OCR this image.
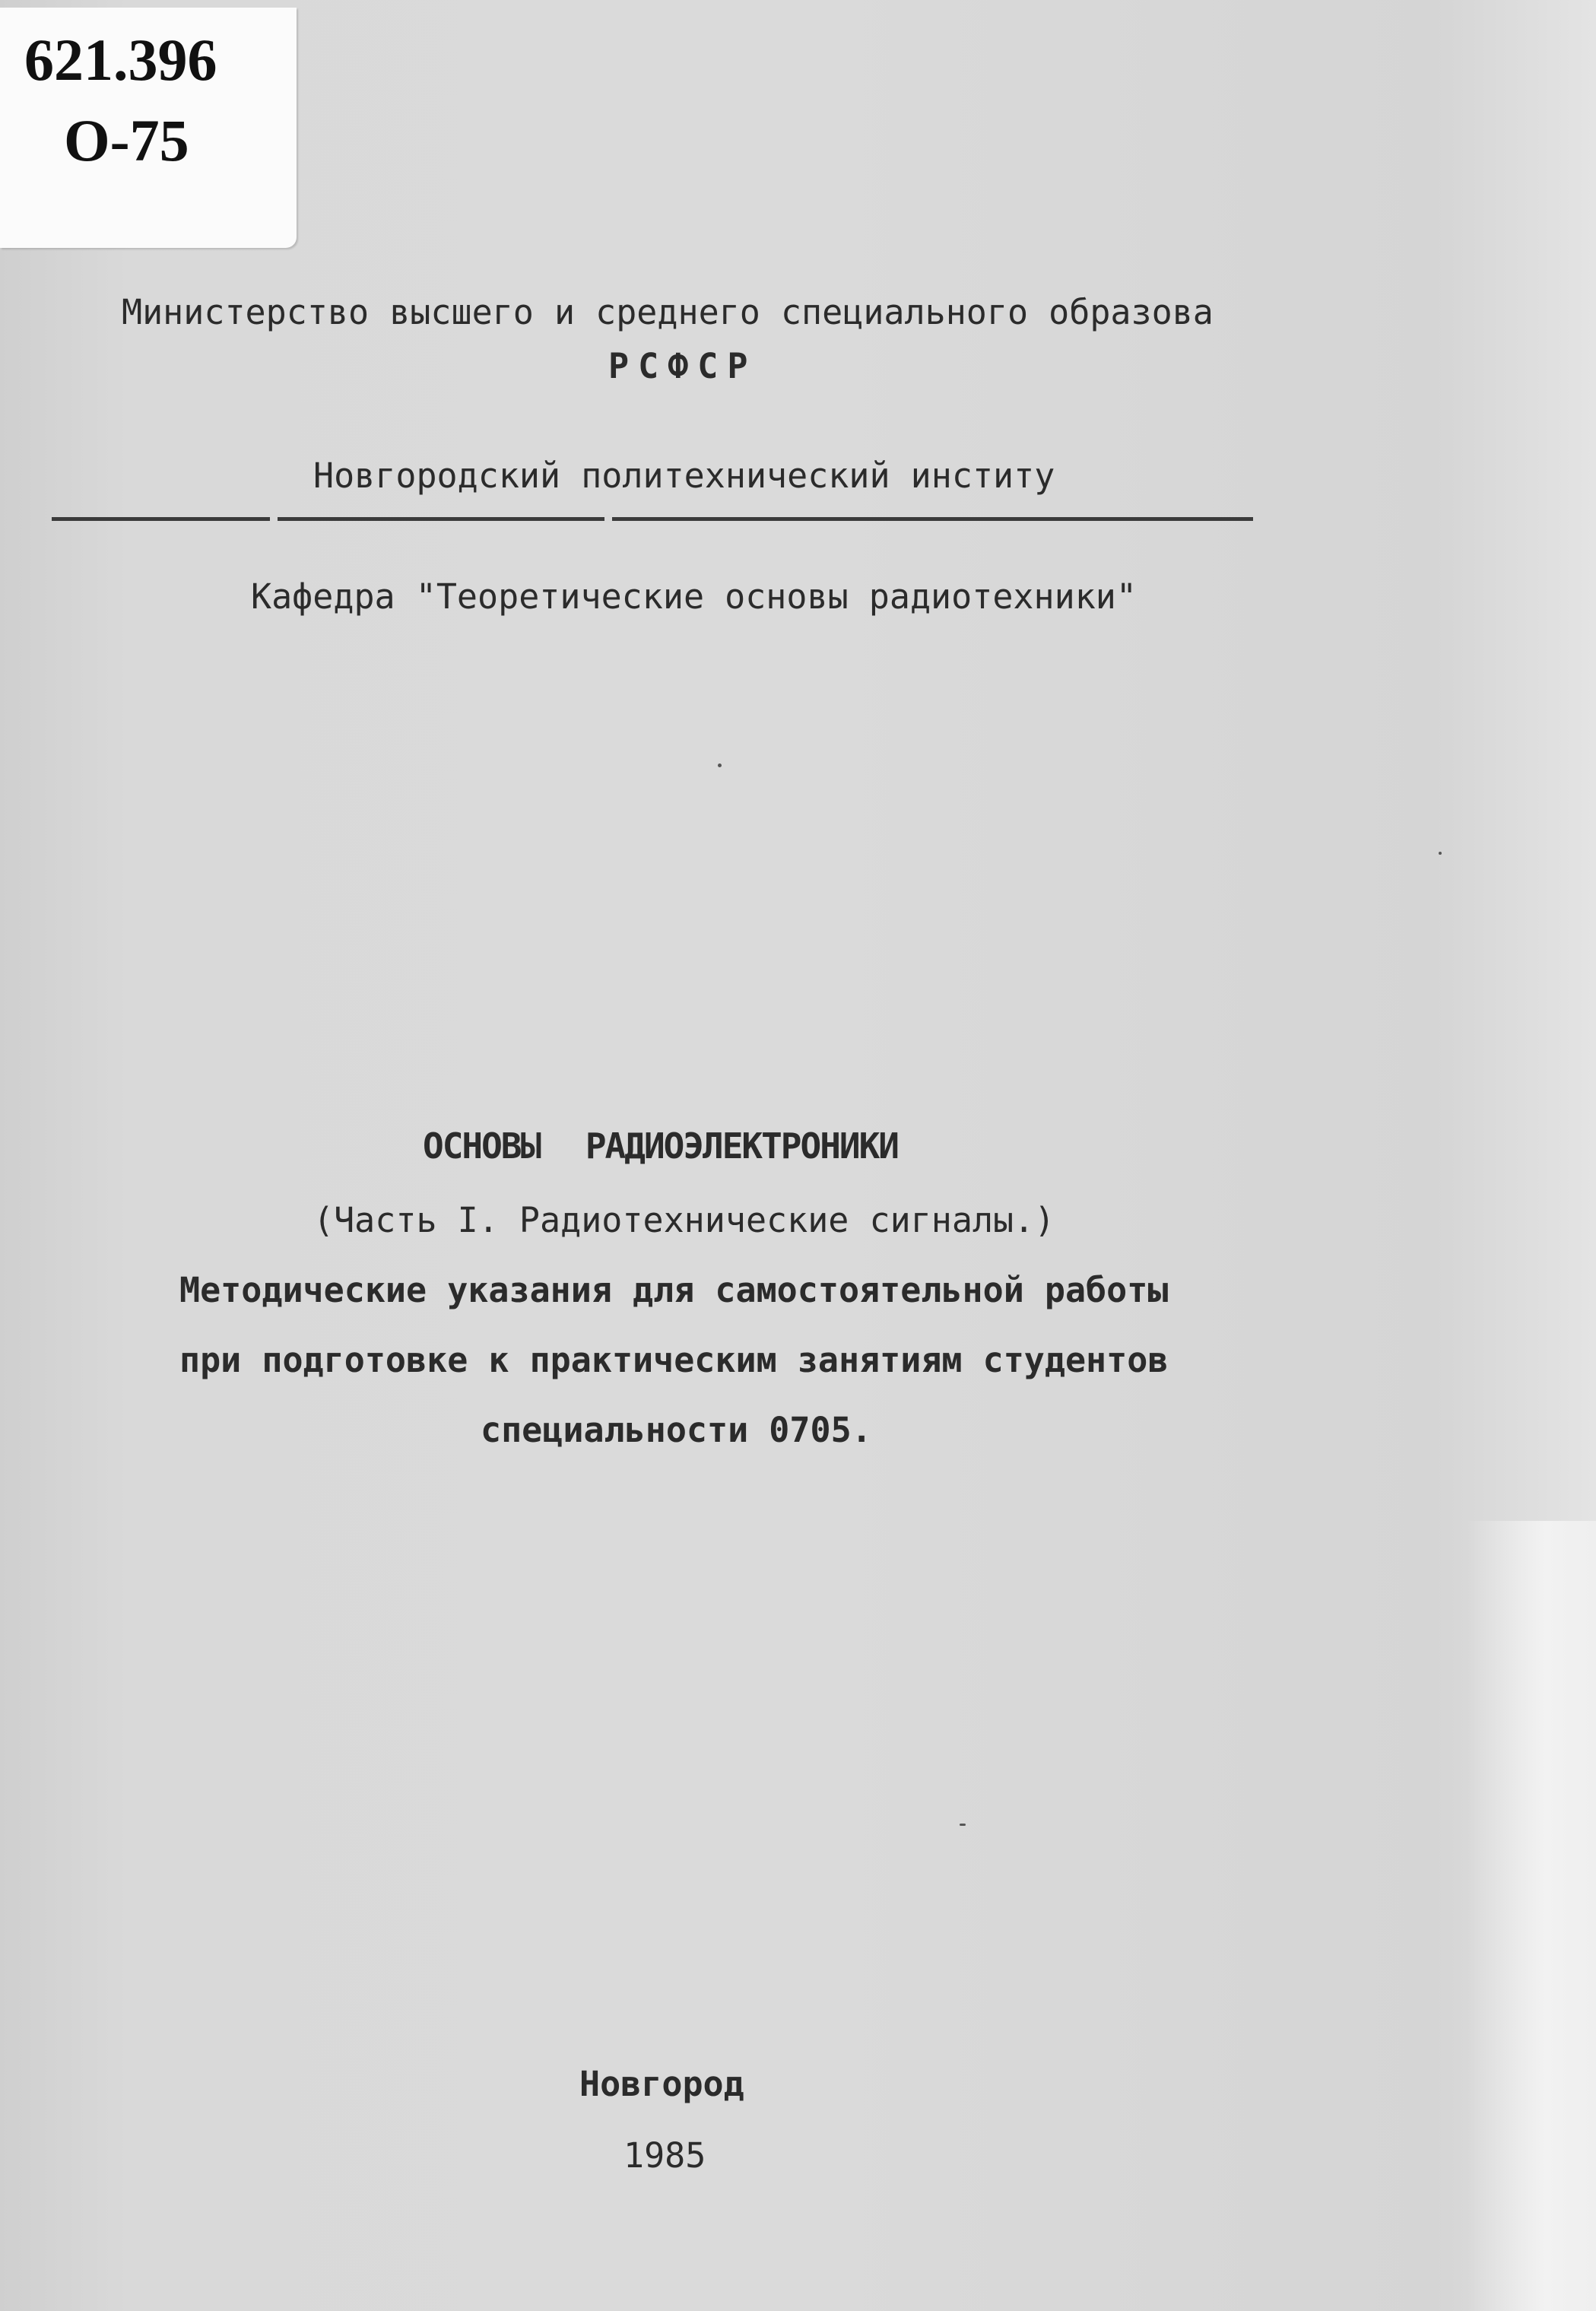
621.396
О-75
Министерство высшего и среднего специального образова
РСФСР
Новгородский политехнический институ
Кафедра "Теоретические основы радиотехники"
ОСНОВЫ РАДИОЭЛЕКТРОНИКИ
(Часть I. Радиотехнические сигналы.)
Методические указания для самостоятельной работы
при подготовке к практическим занятиям студентов
специальности 0705.
Новгород
1985
